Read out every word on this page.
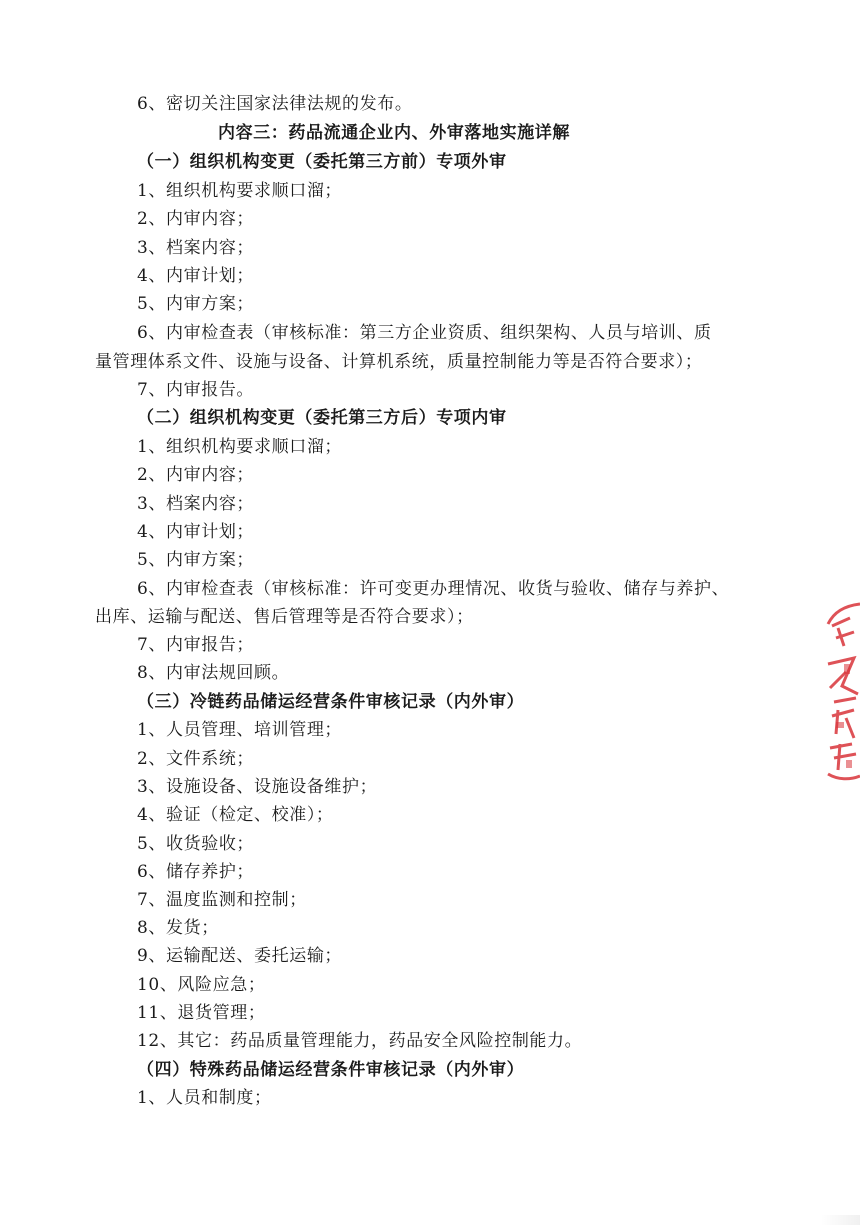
6、密切关注国家法律法规的发布。
内容三：药品流通企业内、外审落地实施详解
（一）组织机构变更（委托第三方前）专项外审
1、组织机构要求顺口溜；
2、内审内容；
3、档案内容；
4、内审计划；
5、内审方案；
6、内审检查表（审核标准：第三方企业资质、组织架构、人员与培训、质
量管理体系文件、设施与设备、计算机系统，质量控制能力等是否符合要求）；
7、内审报告。
（二）组织机构变更（委托第三方后）专项内审
1、组织机构要求顺口溜；
2、内审内容；
3、档案内容；
4、内审计划；
5、内审方案；
6、内审检查表（审核标准：许可变更办理情况、收货与验收、储存与养护、
出库、运输与配送、售后管理等是否符合要求）；
7、内审报告；
8、内审法规回顾。
（三）冷链药品储运经营条件审核记录（内外审）
1、人员管理、培训管理；
2、文件系统；
3、设施设备、设施设备维护；
4、验证（检定、校准）；
5、收货验收；
6、储存养护；
7、温度监测和控制；
8、发货；
9、运输配送、委托运输；
10、风险应急；
11、退货管理；
12、其它：药品质量管理能力，药品安全风险控制能力。
（四）特殊药品储运经营条件审核记录（内外审）
1、人员和制度；
